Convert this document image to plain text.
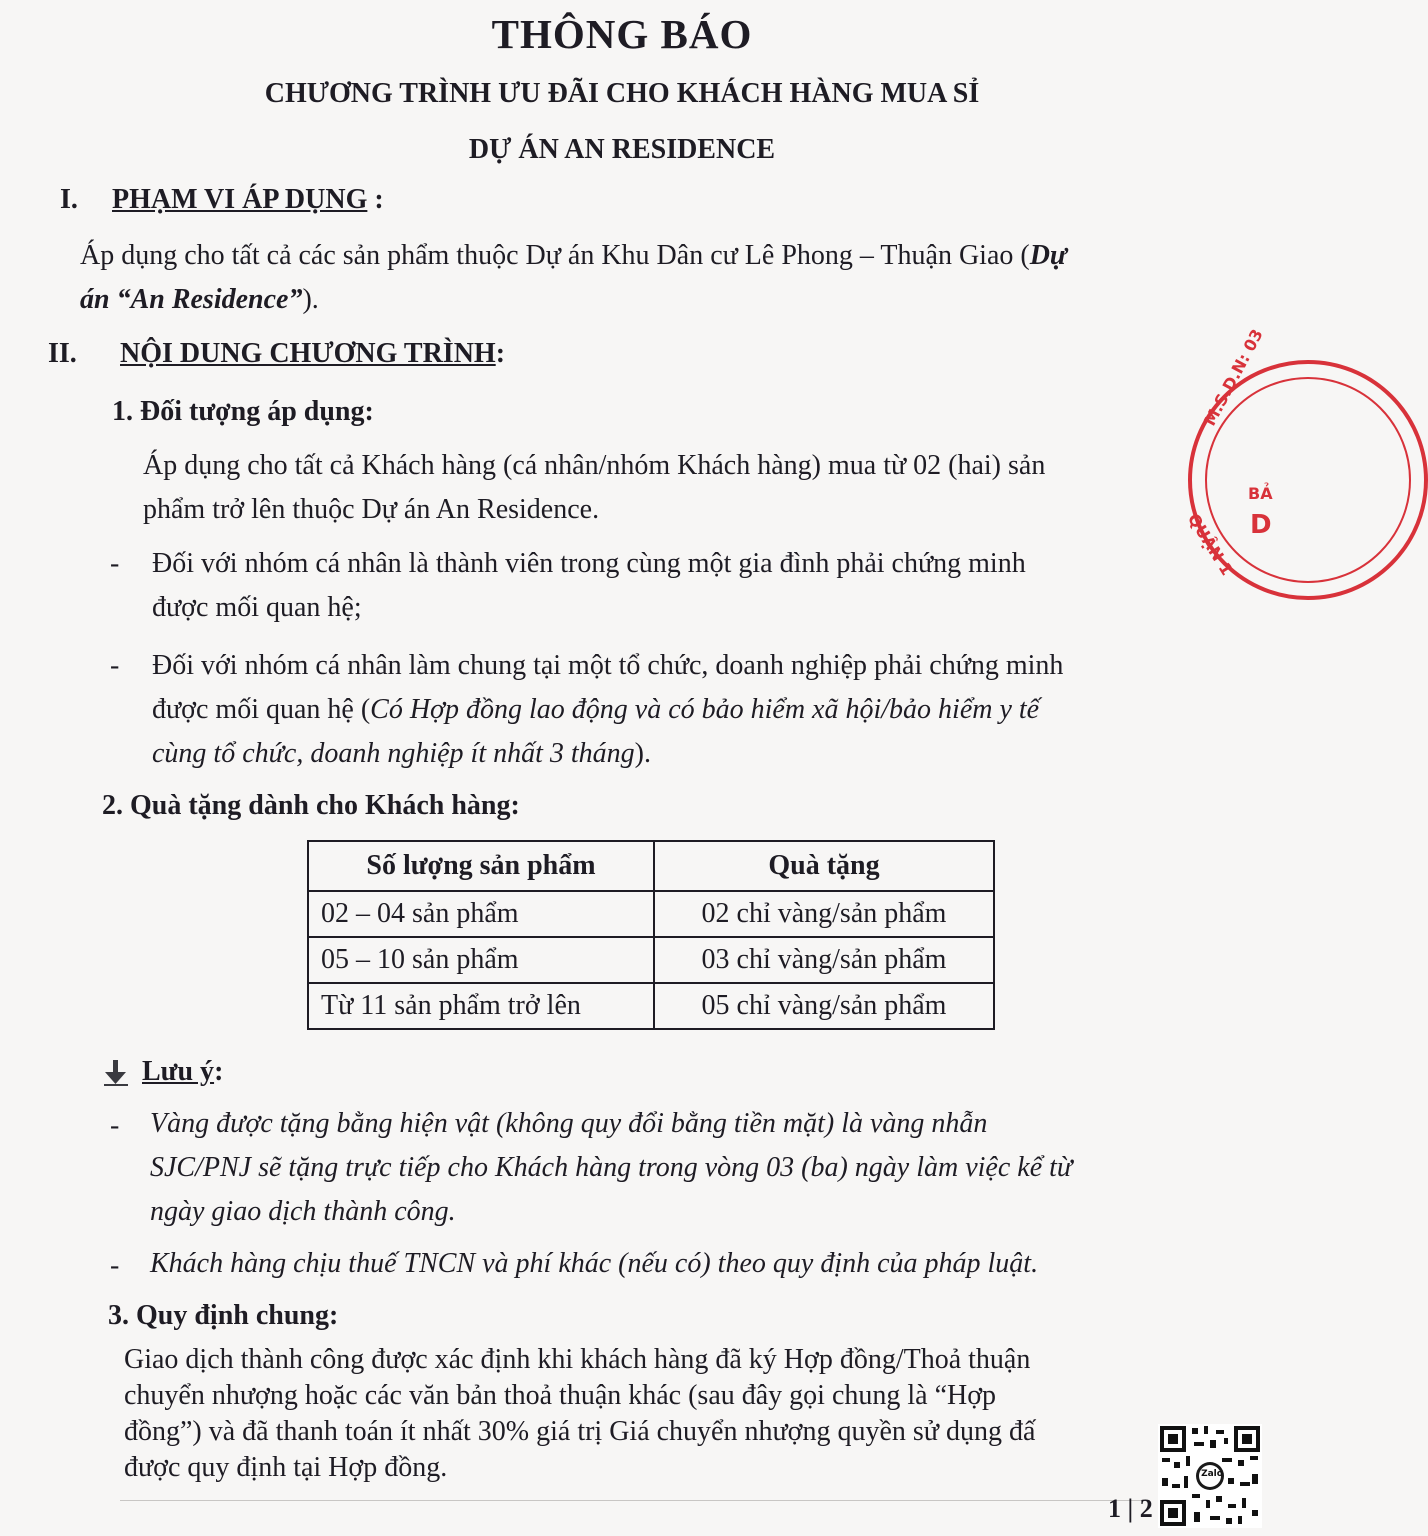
THÔNG BÁO
CHƯƠNG TRÌNH ƯU ĐÃI CHO KHÁCH HÀNG MUA SỈ
DỰ ÁN AN RESIDENCE
I. PHẠM VI ÁP DỤNG :
Áp dụng cho tất cả các sản phẩm thuộc Dự án Khu Dân cư Lê Phong – Thuận Giao (Dự
án “An Residence”).
II. NỘI DUNG CHƯƠNG TRÌNH:
1. Đối tượng áp dụng:
Áp dụng cho tất cả Khách hàng (cá nhân/nhóm Khách hàng) mua từ 02 (hai) sản
phẩm trở lên thuộc Dự án An Residence.
- Đối với nhóm cá nhân là thành viên trong cùng một gia đình phải chứng minh
được mối quan hệ;
- Đối với nhóm cá nhân làm chung tại một tổ chức, doanh nghiệp phải chứng minh
được mối quan hệ (Có Hợp đồng lao động và có bảo hiểm xã hội/bảo hiểm y tế
cùng tổ chức, doanh nghiệp ít nhất 3 tháng).
2. Quà tặng dành cho Khách hàng:
Số lượng sản phẩm	Quà tặng
02 – 04 sản phẩm	02 chỉ vàng/sản phẩm
05 – 10 sản phẩm	03 chỉ vàng/sản phẩm
Từ 11 sản phẩm trở lên	05 chỉ vàng/sản phẩm
Lưu ý:
- Vàng được tặng bằng hiện vật (không quy đổi bằng tiền mặt) là vàng nhẫn
SJC/PNJ sẽ tặng trực tiếp cho Khách hàng trong vòng 03 (ba) ngày làm việc kể từ
ngày giao dịch thành công.
- Khách hàng chịu thuế TNCN và phí khác (nếu có) theo quy định của pháp luật.
3. Quy định chung:
Giao dịch thành công được xác định khi khách hàng đã ký Hợp đồng/Thoả thuận
chuyển nhượng hoặc các văn bản thoả thuận khác (sau đây gọi chung là “Hợp
đồng”) và đã thanh toán ít nhất 30% giá trị Giá chuyển nhượng quyền sử dụng đấ
được quy định tại Hợp đồng.
M.S.D.N: 03
QUẬN 1
BẢ
D
1 | 2
Zalo
